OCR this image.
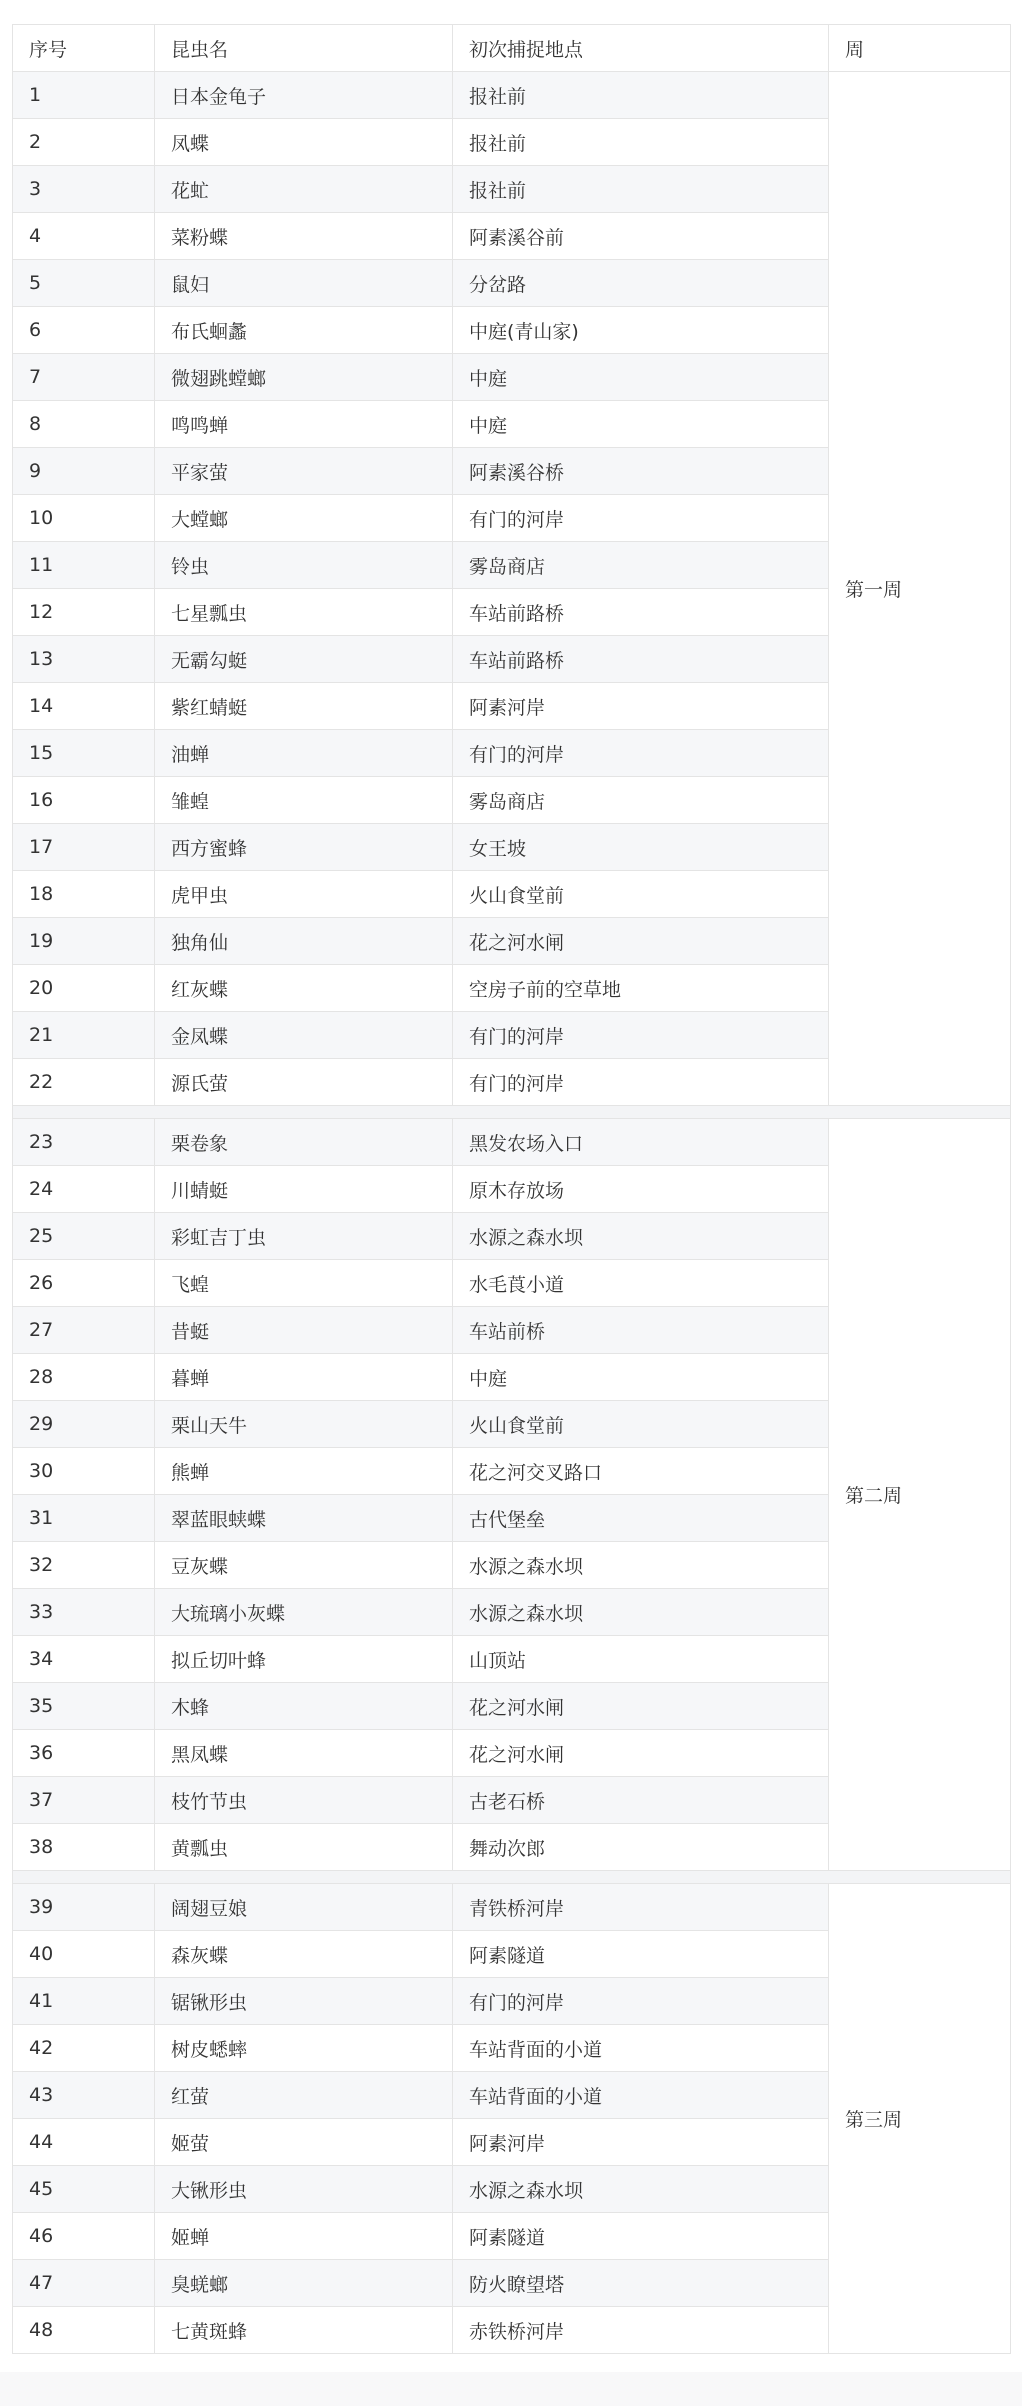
序号	昆虫名	初次捕捉地点	周
1	日本金龟子	报社前	第一周
2	凤蝶	报社前	
3	花虻	报社前	
4	菜粉蝶	阿素溪谷前	
5	鼠妇	分岔路	
6	布氏蛔蠡	中庭(青山家)	
7	微翅跳螳螂	中庭	
8	鸣鸣蝉	中庭	
9	平家萤	阿素溪谷桥	
10	大螳螂	有门的河岸	
11	铃虫	雾岛商店	
12	七星瓢虫	车站前路桥	
13	无霸勾蜓	车站前路桥	
14	紫红蜻蜓	阿素河岸	
15	油蝉	有门的河岸	
16	雏蝗	雾岛商店	
17	西方蜜蜂	女王坡	
18	虎甲虫	火山食堂前	
19	独角仙	花之河水闸	
20	红灰蝶	空房子前的空草地	
21	金凤蝶	有门的河岸	
22	源氏萤	有门的河岸	

23	栗卷象	黑发农场入口	第二周
24	川蜻蜓	原木存放场	
25	彩虹吉丁虫	水源之森水坝	
26	飞蝗	水毛莨小道	
27	昔蜓	车站前桥	
28	暮蝉	中庭	
29	栗山天牛	火山食堂前	
30	熊蝉	花之河交叉路口	
31	翠蓝眼蛱蝶	古代堡垒	
32	豆灰蝶	水源之森水坝	
33	大琉璃小灰蝶	水源之森水坝	
34	拟丘切叶蜂	山顶站	
35	木蜂	花之河水闸	
36	黑凤蝶	花之河水闸	
37	枝竹节虫	古老石桥	
38	黄瓢虫	舞动次郎	

39	阔翅豆娘	青铁桥河岸	第三周
40	森灰蝶	阿素隧道	
41	锯锹形虫	有门的河岸	
42	树皮蟋蟀	车站背面的小道	
43	红萤	车站背面的小道	
44	姬萤	阿素河岸	
45	大锹形虫	水源之森水坝	
46	姬蝉	阿素隧道	
47	臭蜣螂	防火瞭望塔	
48	七黄斑蜂	赤铁桥河岸	
